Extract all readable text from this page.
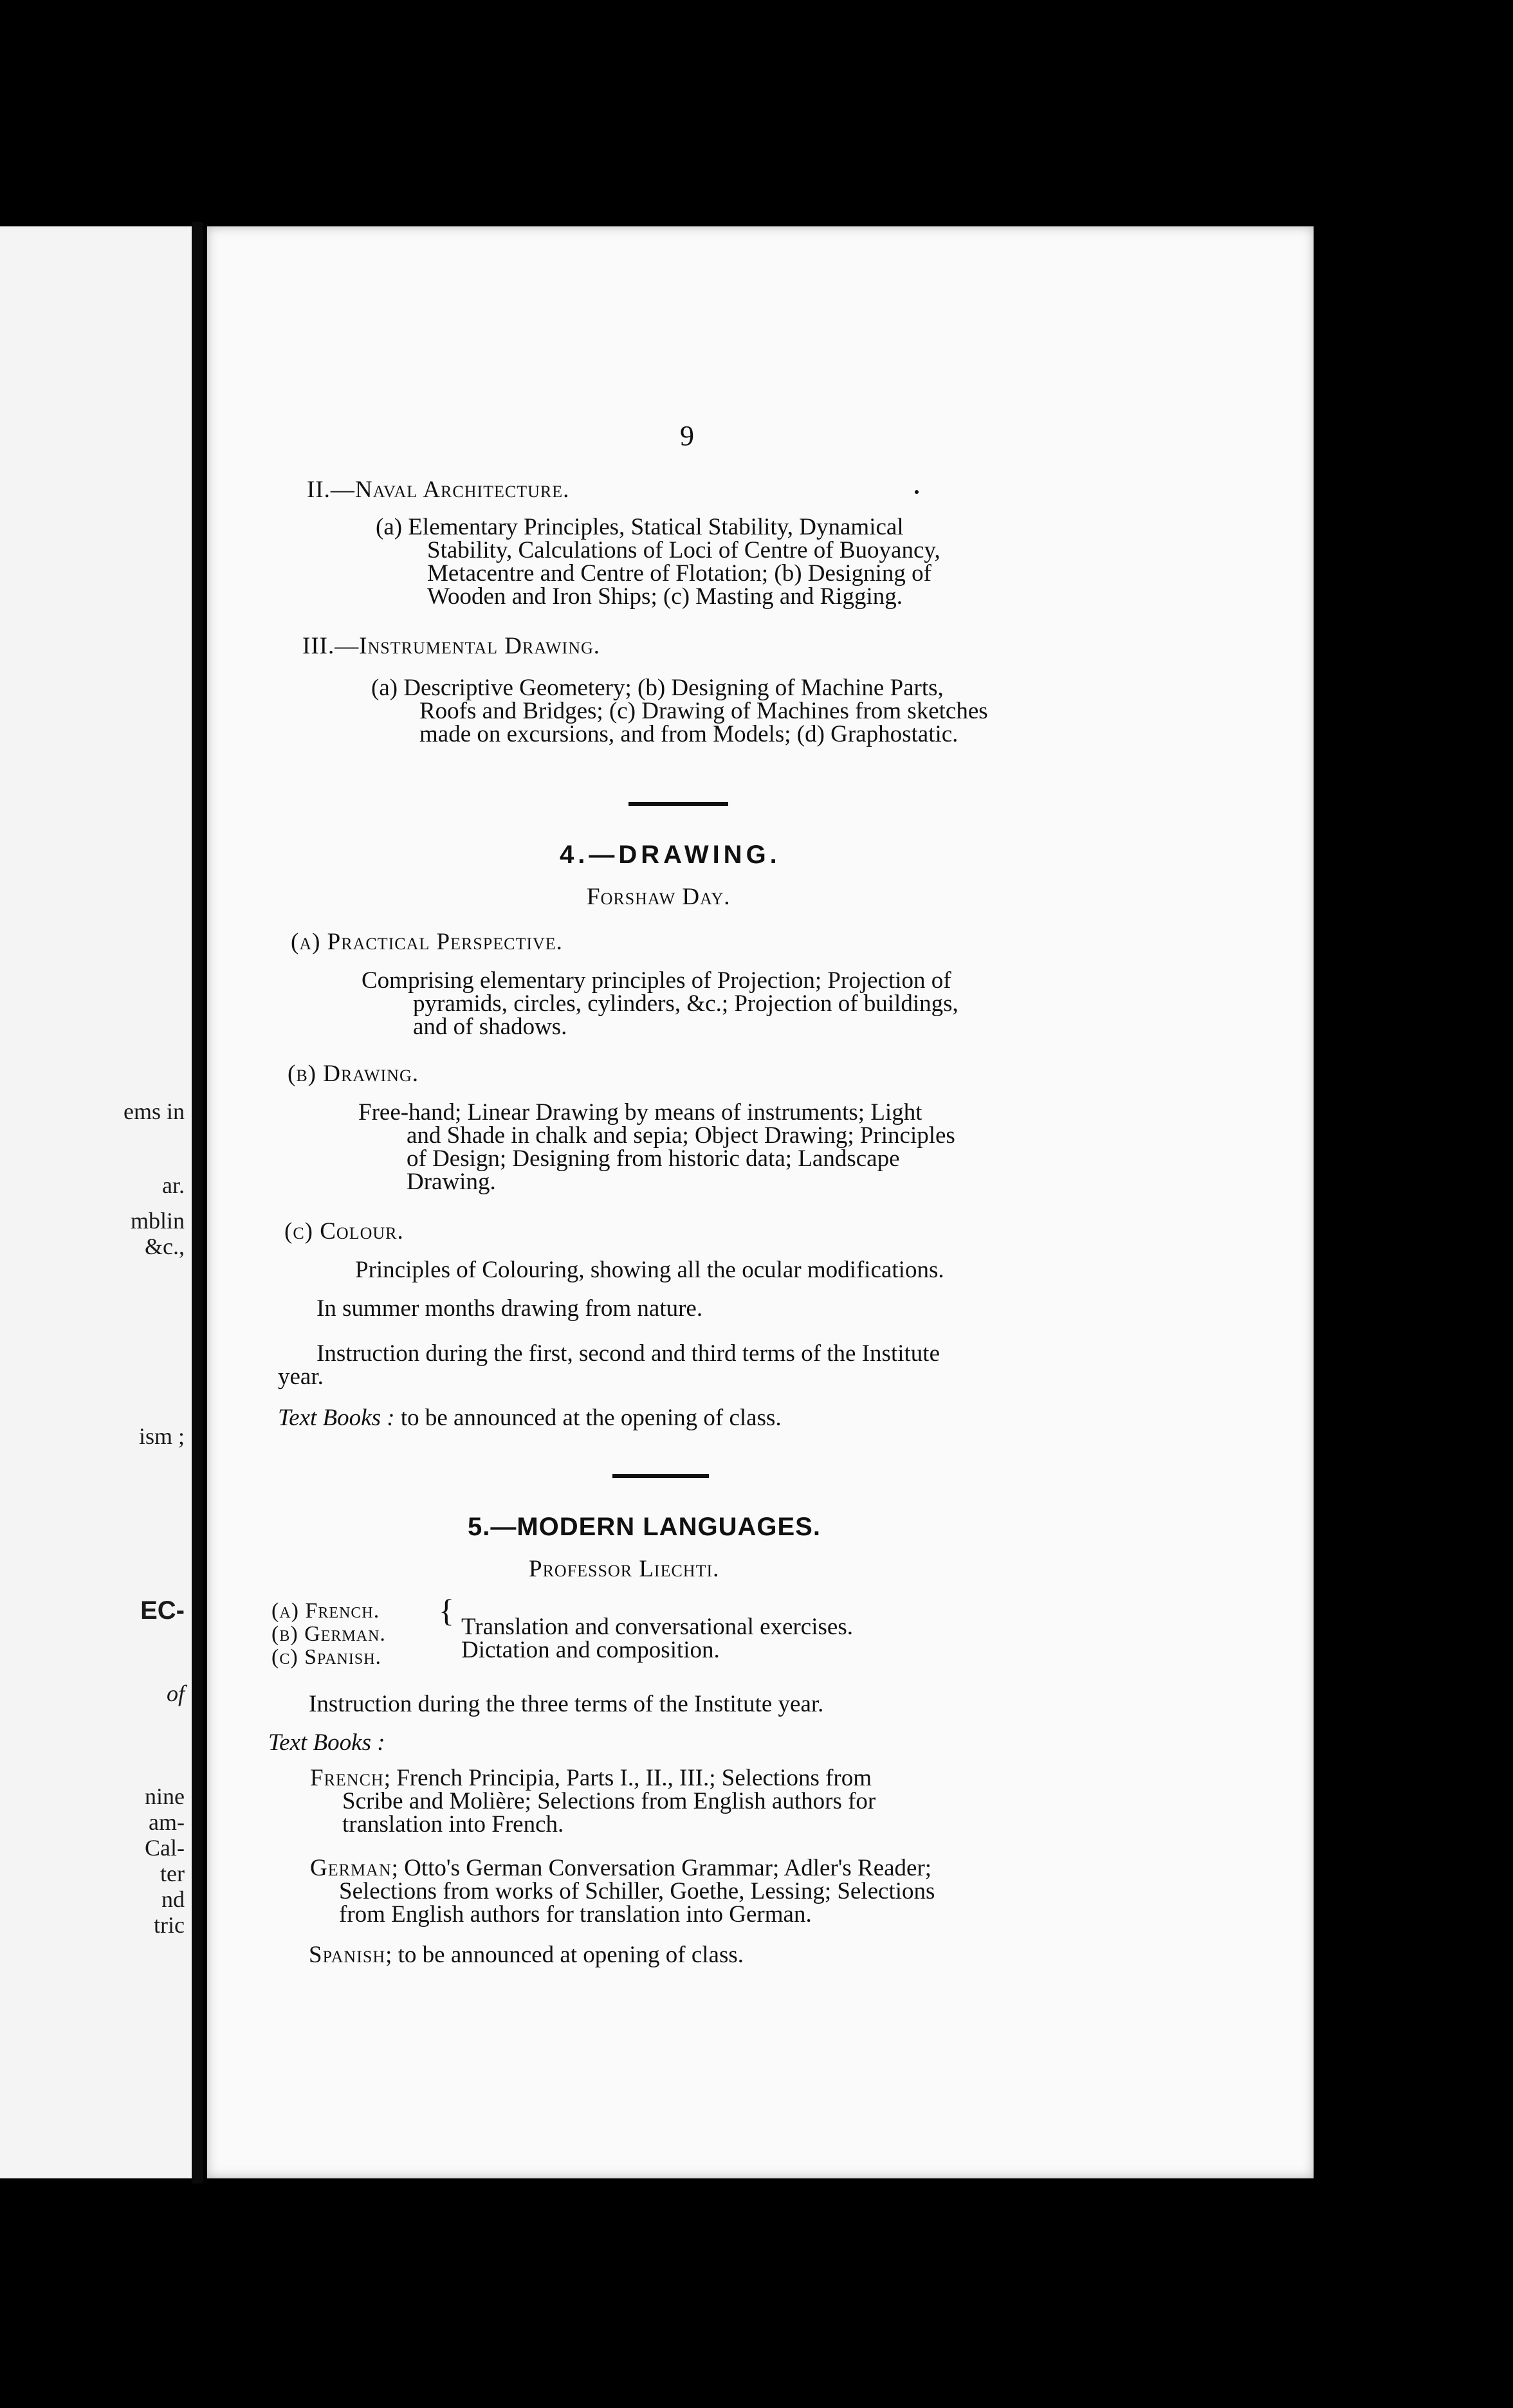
ems in
ar.
mblin
&c.,
ism ;
EC-
of
nine
am-
Cal-
ter
nd
tric
9
II.—Naval Architecture.
(a) Elementary Principles, Statical Stability, Dynamical
Stability, Calculations of Loci of Centre of Buoyancy,
Metacentre and Centre of Flotation; (b) Designing of
Wooden and Iron Ships; (c) Masting and Rigging.
III.—Instrumental Drawing.
(a) Descriptive Geometery; (b) Designing of Machine Parts,
Roofs and Bridges; (c) Drawing of Machines from sketches
made on excursions, and from Models; (d) Graphostatic.
4.—DRAWING.
Forshaw Day.
(a) Practical Perspective.
Comprising elementary principles of Projection; Projection of
pyramids, circles, cylinders, &c.; Projection of buildings,
and of shadows.
(b) Drawing.
Free-hand; Linear Drawing by means of instruments; Light
and Shade in chalk and sepia; Object Drawing; Principles
of Design; Designing from historic data; Landscape
Drawing.
(c) Colour.
Principles of Colouring, showing all the ocular modifications.
In summer months drawing from nature.
Instruction during the first, second and third terms of the Institute
year.
Text Books : to be announced at the opening of class.
5.—MODERN LANGUAGES.
Professor Liechti.
(a) French.
(b) German.
(c) Spanish.
{ Translation and conversational exercises.
Dictation and composition.
Instruction during the three terms of the Institute year.
Text Books :
French; French Principia, Parts I., II., III.; Selections from
Scribe and Molière; Selections from English authors for
translation into French.
German; Otto's German Conversation Grammar; Adler's Reader;
Selections from works of Schiller, Goethe, Lessing; Selections
from English authors for translation into German.
Spanish; to be announced at opening of class.
